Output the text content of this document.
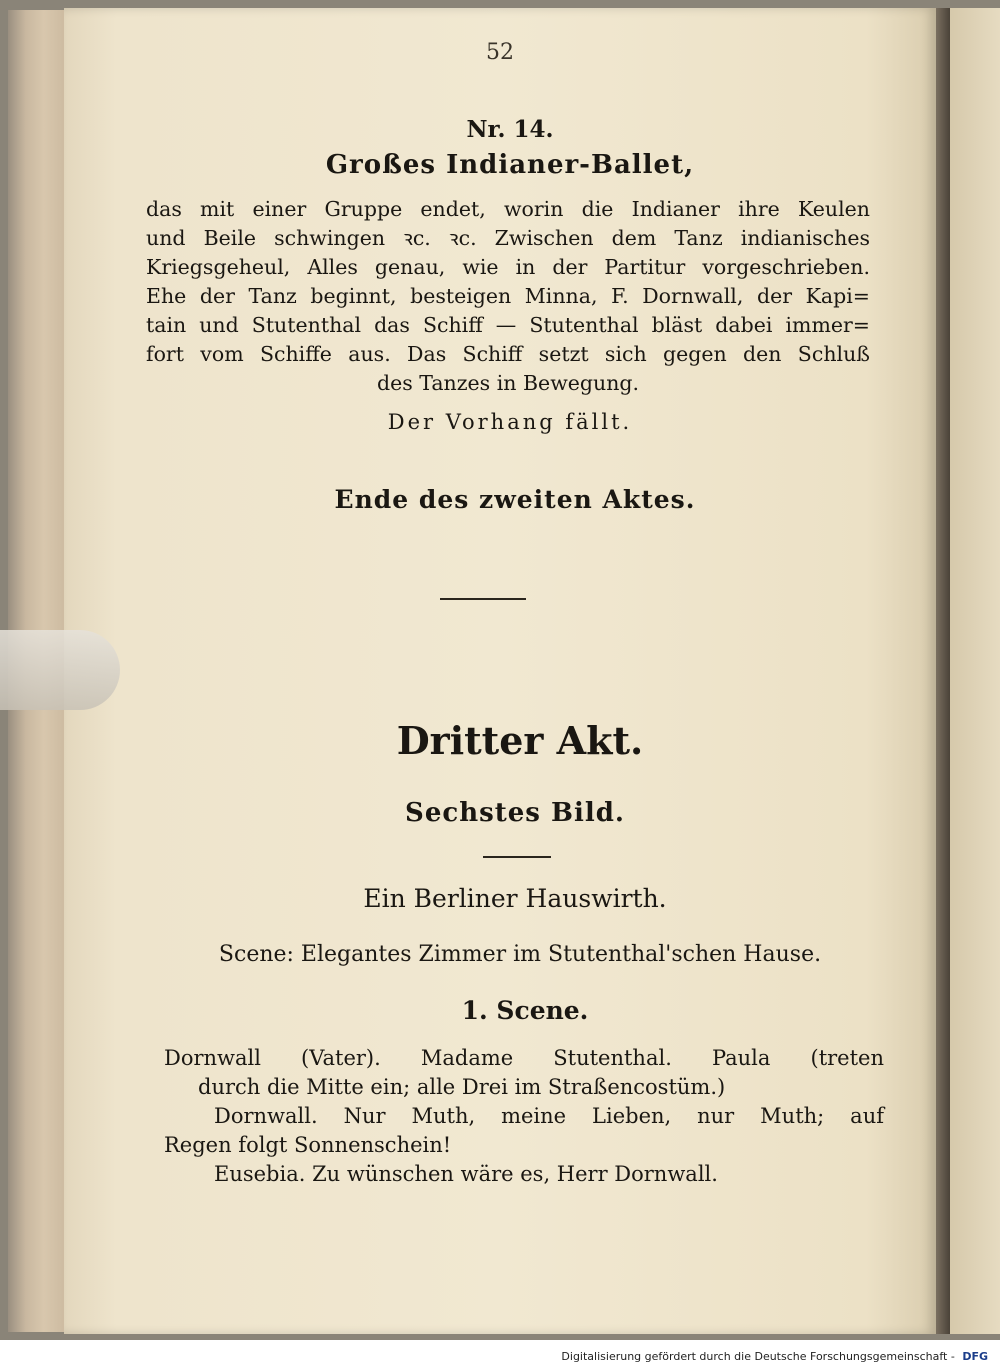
52
Nr. 14.
Großes Indianer-Ballet,
das mit einer Gruppe endet, worin die Indianer ihre Keulen
und Beile schwingen ꝛc. ꝛc. Zwischen dem Tanz indianisches
Kriegsgeheul, Alles genau, wie in der Partitur vorgeschrieben.
Ehe der Tanz beginnt, besteigen Minna, F. Dornwall, der Kapi=
tain und Stutenthal das Schiff — Stutenthal bläst dabei immer=
fort vom Schiffe aus. Das Schiff setzt sich gegen den Schluß
des Tanzes in Bewegung.
Der Vorhang fällt.
Ende des zweiten Aktes.
Dritter Akt.
Sechstes Bild.
Ein Berliner Hauswirth.
Scene: Elegantes Zimmer im Stutenthal'schen Hause.
1. Scene.

Dornwall (Vater). Madame Stutenthal. Paula (treten

durch die Mitte ein; alle Drei im Straßencostüm.)

Dornwall. Nur Muth, meine Lieben, nur Muth; auf

Regen folgt Sonnenschein!

Eusebia. Zu wünschen wäre es, Herr Dornwall.

Digitalisierung gefördert durch die Deutsche Forschungsgemeinschaft - DFG
